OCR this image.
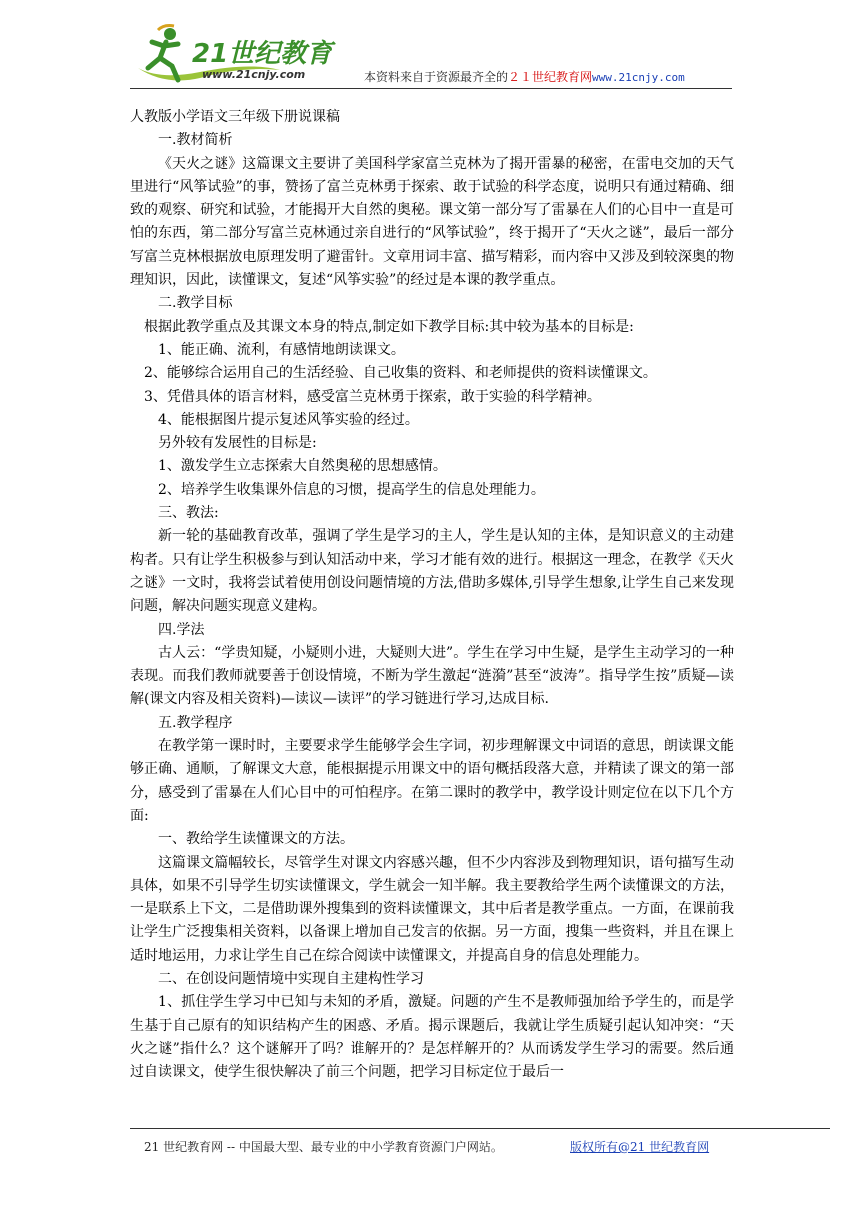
21世纪教育
www.21cnjy.com	本资料来自于资源最齐全的２１世纪教育网www.21cnjy.com

人教版小学语文三年级下册说课稿

一.教材简析

《天火之谜》这篇课文主要讲了美国科学家富兰克林为了揭开雷暴的秘密，在雷电交加的天气里进行“风筝试验”的事，赞扬了富兰克林勇于探索、敢于试验的科学态度，说明只有通过精确、细致的观察、研究和试验，才能揭开大自然的奥秘。课文第一部分写了雷暴在人们的心目中一直是可怕的东西，第二部分写富兰克林通过亲自进行的“风筝试验”，终于揭开了“天火之谜”，最后一部分写富兰克林根据放电原理发明了避雷针。文章用词丰富、描写精彩，而内容中又涉及到较深奥的物理知识，因此，读懂课文，复述“风筝实验”的经过是本课的教学重点。

二.教学目标

根据此教学重点及其课文本身的特点,制定如下教学目标:其中较为基本的目标是:

1、能正确、流利，有感情地朗读课文。

2、能够综合运用自己的生活经验、自己收集的资料、和老师提供的资料读懂课文。

3、凭借具体的语言材料，感受富兰克林勇于探索，敢于实验的科学精神。

4、能根据图片提示复述风筝实验的经过。

另外较有发展性的目标是:

1、激发学生立志探索大自然奥秘的思想感情。

2、培养学生收集课外信息的习惯，提高学生的信息处理能力。

三、教法:

新一轮的基础教育改革，强调了学生是学习的主人，学生是认知的主体，是知识意义的主动建构者。只有让学生积极参与到认知活动中来，学习才能有效的进行。根据这一理念，在教学《天火之谜》一文时，我将尝试着使用创设问题情境的方法,借助多媒体,引导学生想象,让学生自己来发现问题，解决问题实现意义建构。

四.学法

古人云：“学贵知疑，小疑则小进，大疑则大进”。学生在学习中生疑，是学生主动学习的一种表现。而我们教师就要善于创设情境，不断为学生激起“涟漪”甚至“波涛”。指导学生按”质疑—读解(课文内容及相关资料)—读议—读评”的学习链进行学习,达成目标.

五.教学程序

在教学第一课时时，主要要求学生能够学会生字词，初步理解课文中词语的意思，朗读课文能够正确、通顺，了解课文大意，能根据提示用课文中的语句概括段落大意，并精读了课文的第一部分，感受到了雷暴在人们心目中的可怕程序。在第二课时的教学中，教学设计则定位在以下几个方面:

一、教给学生读懂课文的方法。

这篇课文篇幅较长，尽管学生对课文内容感兴趣，但不少内容涉及到物理知识，语句描写生动具体，如果不引导学生切实读懂课文，学生就会一知半解。我主要教给学生两个读懂课文的方法，一是联系上下文，二是借助课外搜集到的资料读懂课文，其中后者是教学重点。一方面，在课前我让学生广泛搜集相关资料，以备课上增加自己发言的依据。另一方面，搜集一些资料，并且在课上适时地运用，力求让学生自己在综合阅读中读懂课文，并提高自身的信息处理能力。

二、在创设问题情境中实现自主建构性学习

1、抓住学生学习中已知与未知的矛盾，激疑。问题的产生不是教师强加给予学生的，而是学生基于自己原有的知识结构产生的困惑、矛盾。揭示课题后，我就让学生质疑引起认知冲突：“天火之谜”指什么？这个谜解开了吗？谁解开的？是怎样解开的？从而诱发学生学习的需要。然后通过自读课文，使学生很快解决了前三个问题，把学习目标定位于最后一

21 世纪教育网 -- 中国最大型、最专业的中小学教育资源门户网站。	版权所有@21 世纪教育网
